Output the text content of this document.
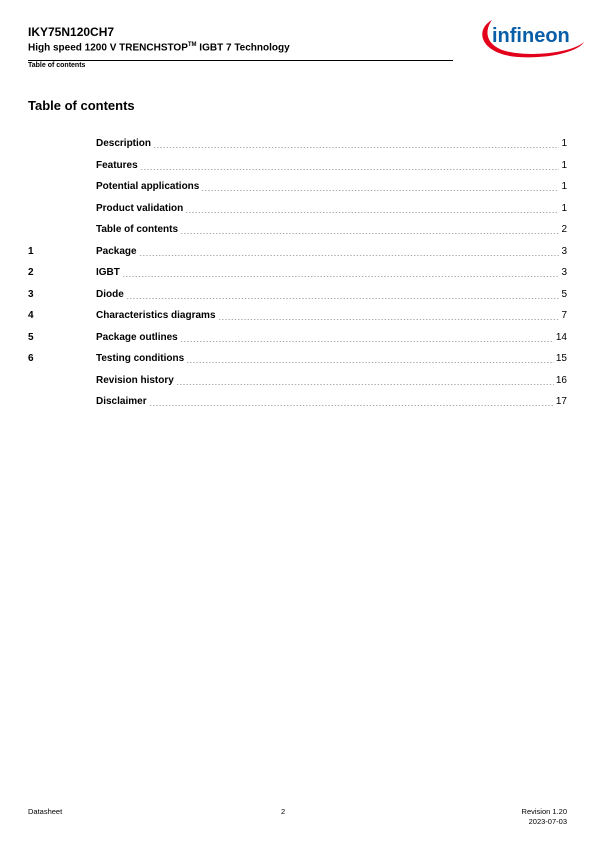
IKY75N120CH7
High speed 1200 V TRENCHSTOP™ IGBT 7 Technology
Table of contents
infineon
Table of contents
Description	1
Features	1
Potential applications	1
Product validation	1
Table of contents	2
1	Package	3
2	IGBT	3
3	Diode	5
4	Characteristics diagrams	7
5	Package outlines	14
6	Testing conditions	15
Revision history	16
Disclaimer	17
Datasheet	2	Revision 1.20
2023-07-03
